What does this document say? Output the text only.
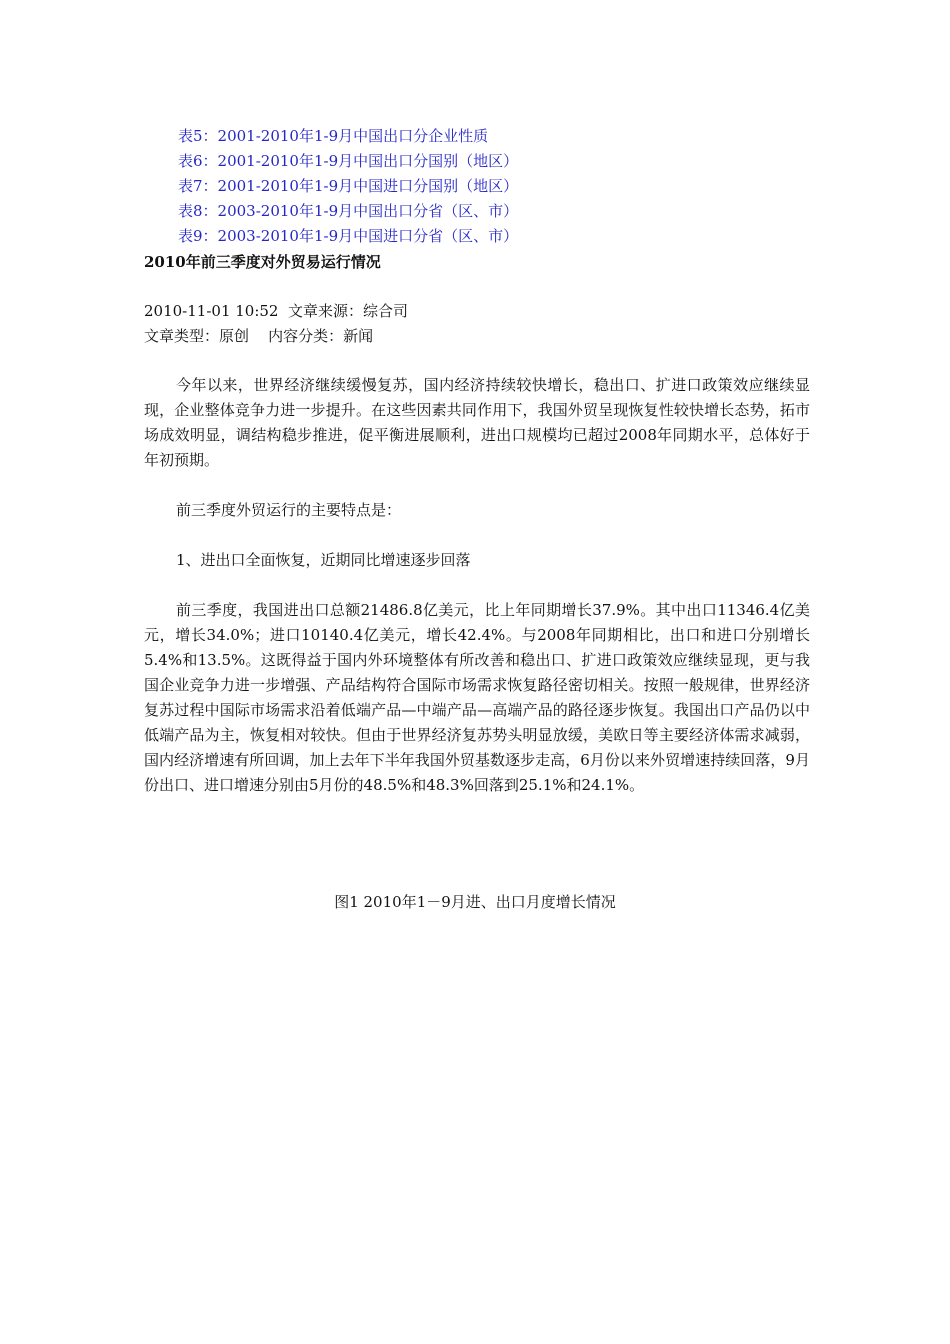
表5：2001-2010年1-9月中国出口分企业性质
表6：2001-2010年1-9月中国出口分国别（地区）
表7：2001-2010年1-9月中国进口分国别（地区）
表8：2003-2010年1-9月中国出口分省（区、市）
表9：2003-2010年1-9月中国进口分省（区、市）
2010年前三季度对外贸易运行情况
2010-11-01 10:52  文章来源：综合司
文章类型：原创    内容分类：新闻

今年以来，世界经济继续缓慢复苏，国内经济持续较快增长，稳出口、扩进口政策效应继续显现，企业整体竞争力进一步提升。在这些因素共同作用下，我国外贸呈现恢复性较快增长态势，拓市场成效明显，调结构稳步推进，促平衡进展顺利，进出口规模均已超过2008年同期水平，总体好于年初预期。

前三季度外贸运行的主要特点是：

1、进出口全面恢复，近期同比增速逐步回落

前三季度，我国进出口总额21486.8亿美元，比上年同期增长37.9%。其中出口11346.4亿美元，增长34.0%；进口10140.4亿美元，增长42.4%。与2008年同期相比，出口和进口分别增长5.4%和13.5%。这既得益于国内外环境整体有所改善和稳出口、扩进口政策效应继续显现，更与我国企业竞争力进一步增强、产品结构符合国际市场需求恢复路径密切相关。按照一般规律，世界经济复苏过程中国际市场需求沿着低端产品—中端产品—高端产品的路径逐步恢复。我国出口产品仍以中低端产品为主，恢复相对较快。但由于世界经济复苏势头明显放缓，美欧日等主要经济体需求减弱，国内经济增速有所回调，加上去年下半年我国外贸基数逐步走高，6月份以来外贸增速持续回落，9月份出口、进口增速分别由5月份的48.5%和48.3%回落到25.1%和24.1%。

图1 2010年1－9月进、出口月度增长情况
